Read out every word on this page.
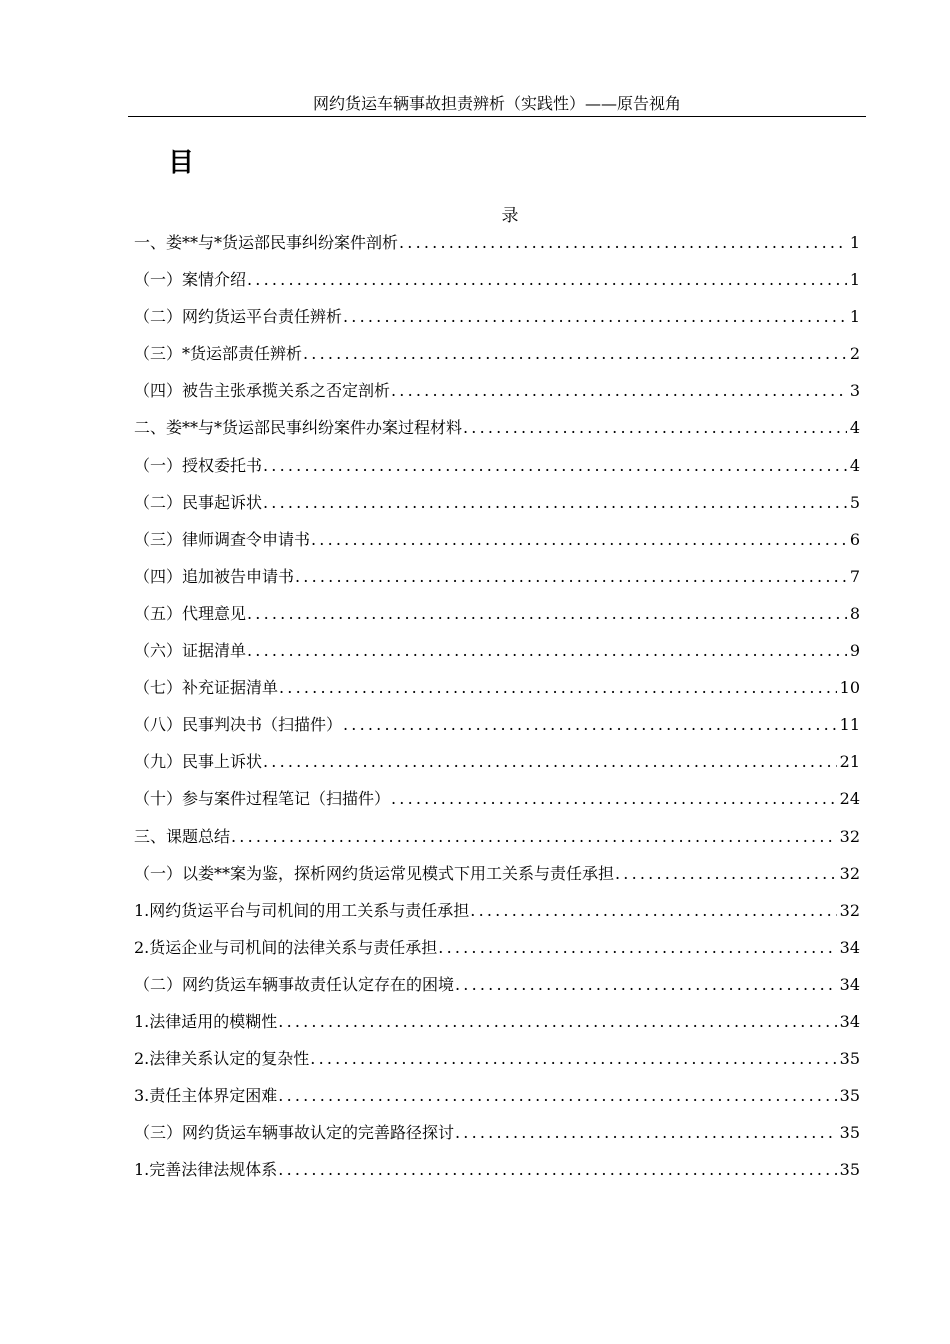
网约货运车辆事故担责辨析（实践性）——原告视角
目
录
一、娄**与*货运部民事纠纷案件剖析 .....	1
（一）案情介绍 .....	1
（二）网约货运平台责任辨析 .....	1
（三）*货运部责任辨析 .....	2
（四）被告主张承揽关系之否定剖析 .....	3
二、娄**与*货运部民事纠纷案件办案过程材料 .....	4
（一）授权委托书 .....	4
（二）民事起诉状 .....	5
（三）律师调查令申请书 .....	6
（四）追加被告申请书 .....	7
（五）代理意见 .....	8
（六）证据清单 .....	9
（七）补充证据清单 .....	10
（八）民事判决书（扫描件） .....	11
（九）民事上诉状 .....	21
（十）参与案件过程笔记（扫描件） .....	24
三、课题总结 .....	32
（一）以娄**案为鉴，探析网约货运常见模式下用工关系与责任承担 .....	32
1.网约货运平台与司机间的用工关系与责任承担 .....	32
2.货运企业与司机间的法律关系与责任承担 .....	34
（二）网约货运车辆事故责任认定存在的困境 .....	34
1.法律适用的模糊性 .....	34
2.法律关系认定的复杂性 .....	35
3.责任主体界定困难 .....	35
（三）网约货运车辆事故认定的完善路径探讨 .....	35
1.完善法律法规体系 .....	35
